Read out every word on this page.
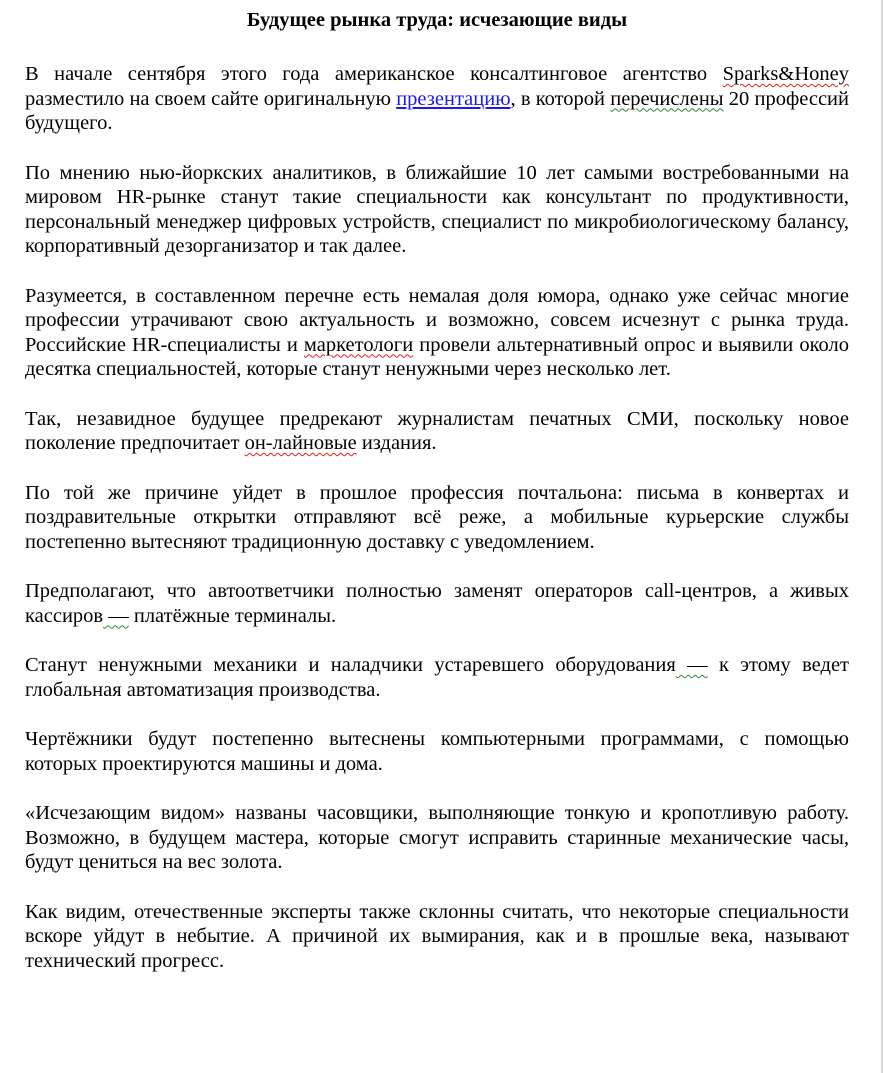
Будущее рынка труда: исчезающие виды

В начале сентября этого года американское консалтинговое агентство Sparks&Honey разместило на своем сайте оригинальную презентацию, в которой перечислены 20 профессий будущего.

По мнению нью-йоркских аналитиков, в ближайшие 10 лет самыми востребованными на мировом HR-рынке станут такие специальности как консультант по продуктивности, персональный менеджер цифровых устройств, специалист по микробиологическому балансу, корпоративный дезорганизатор и так далее.

Разумеется, в составленном перечне есть немалая доля юмора, однако уже сейчас многие профессии утрачивают свою актуальность и возможно, совсем исчезнут с рынка труда. Российские HR-специалисты и маркетологи провели альтернативный опрос и выявили около десятка специальностей, которые станут ненужными через несколько лет.

Так, незавидное будущее предрекают журналистам печатных СМИ, поскольку новое поколение предпочитает он-лайновые издания.

По той же причине уйдет в прошлое профессия почтальона: письма в конвертах и поздравительные открытки отправляют всё реже, а мобильные курьерские службы постепенно вытесняют традиционную доставку с уведомлением.

Предполагают, что автоответчики полностью заменят операторов call-центров, а живых кассиров — платёжные терминалы.

Станут ненужными механики и наладчики устаревшего оборудования — к этому ведет глобальная автоматизация производства.

Чертёжники будут постепенно вытеснены компьютерными программами, с помощью которых проектируются машины и дома.

«Исчезающим видом» названы часовщики, выполняющие тонкую и кропотливую работу. Возможно, в будущем мастера, которые смогут исправить старинные механические часы, будут цениться на вес золота.

Как видим, отечественные эксперты также склонны считать, что некоторые специальности вскоре уйдут в небытие. А причиной их вымирания, как и в прошлые века, называют технический прогресс.
